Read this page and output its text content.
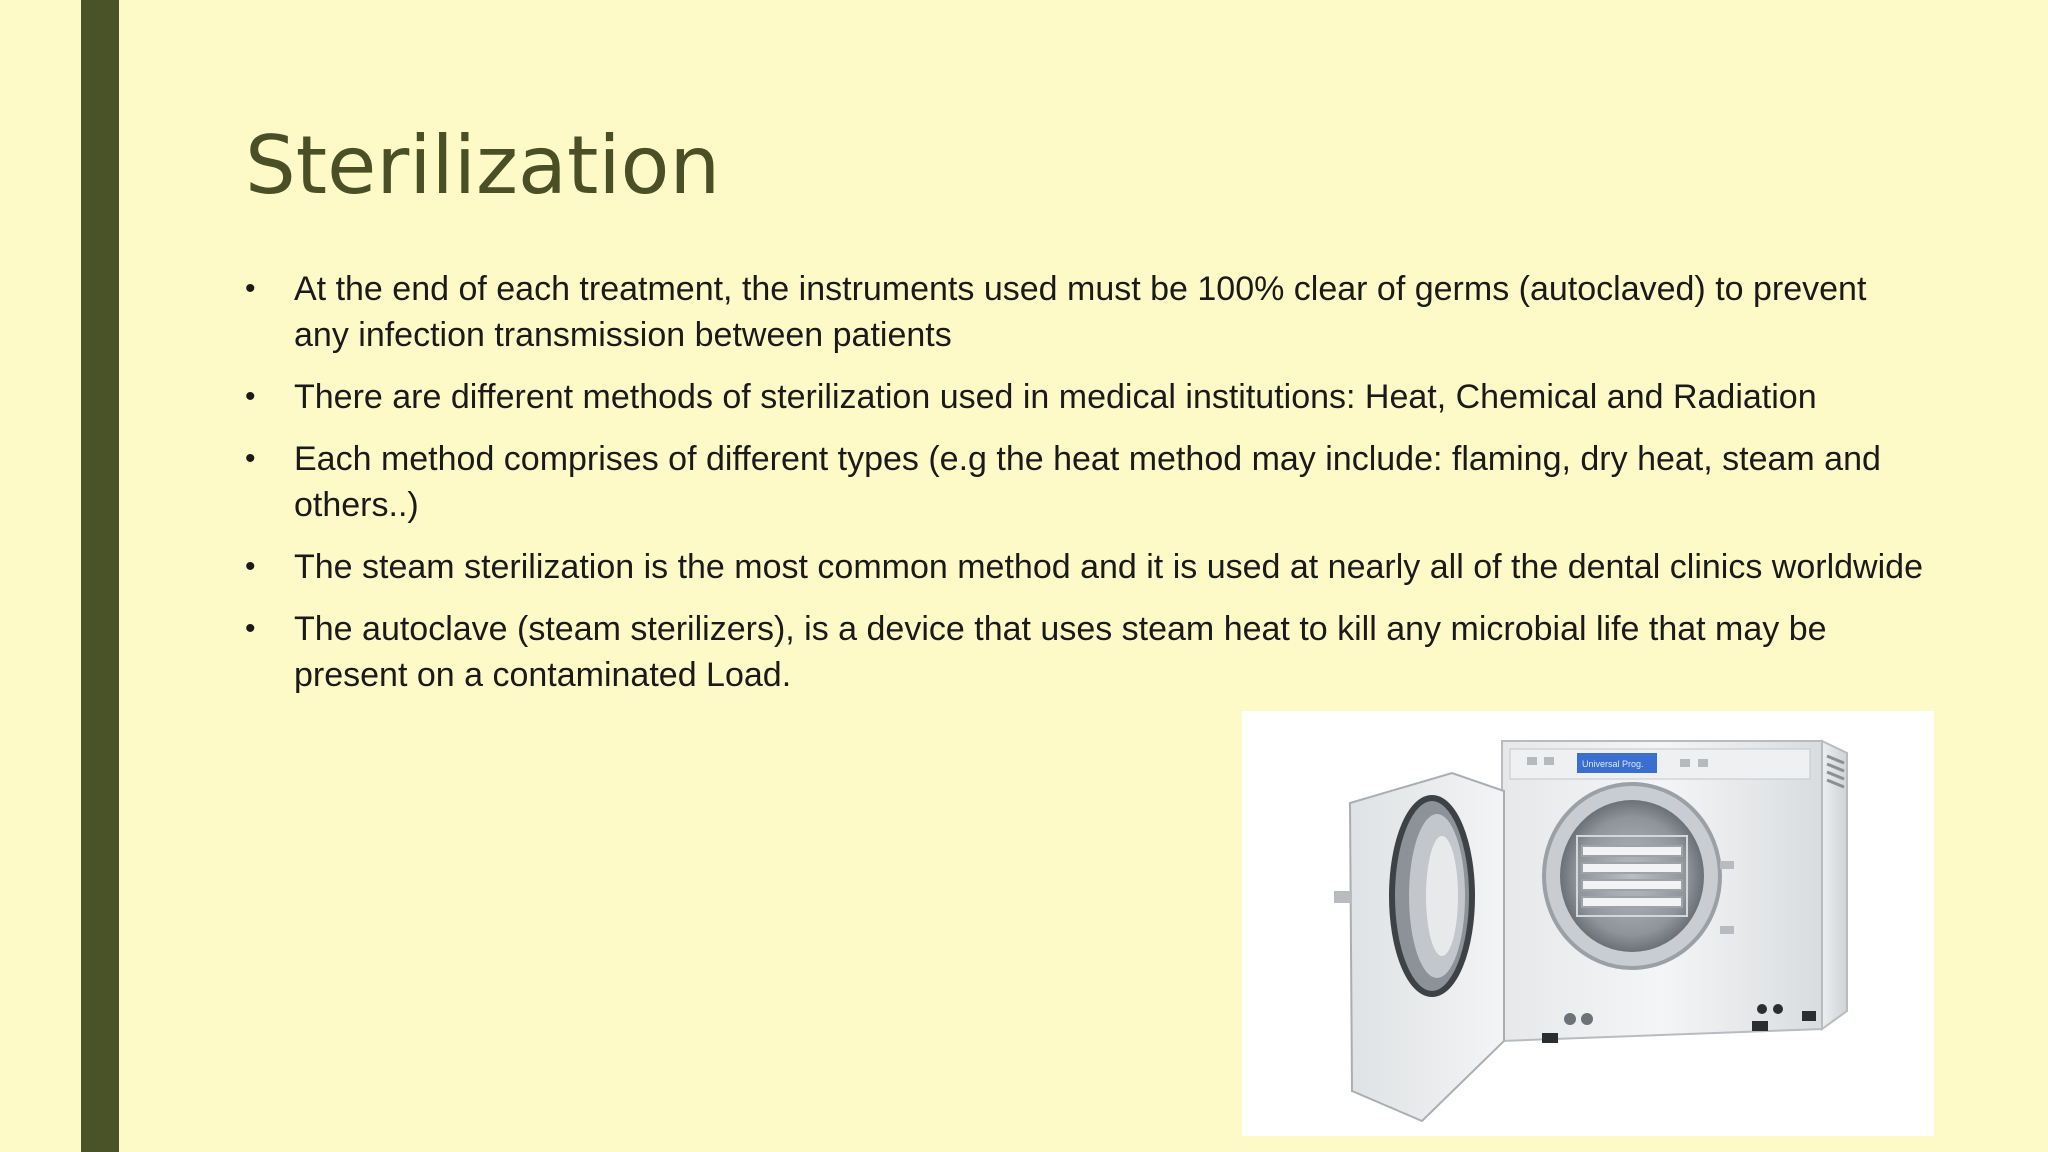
Sterilization
• At the end of each treatment, the instruments used must be 100% clear of germs (autoclaved) to prevent any infection transmission between patients
• There are different methods of sterilization used in medical institutions: Heat, Chemical and Radiation
• Each method comprises of different types (e.g the heat method may include: flaming, dry heat, steam and others..)
• The steam sterilization is the most common method and it is used at nearly all of the dental clinics worldwide
• The autoclave (steam sterilizers), is a device that uses steam heat to kill any microbial life that may be present on a contaminated Load.
Universal Prog.
